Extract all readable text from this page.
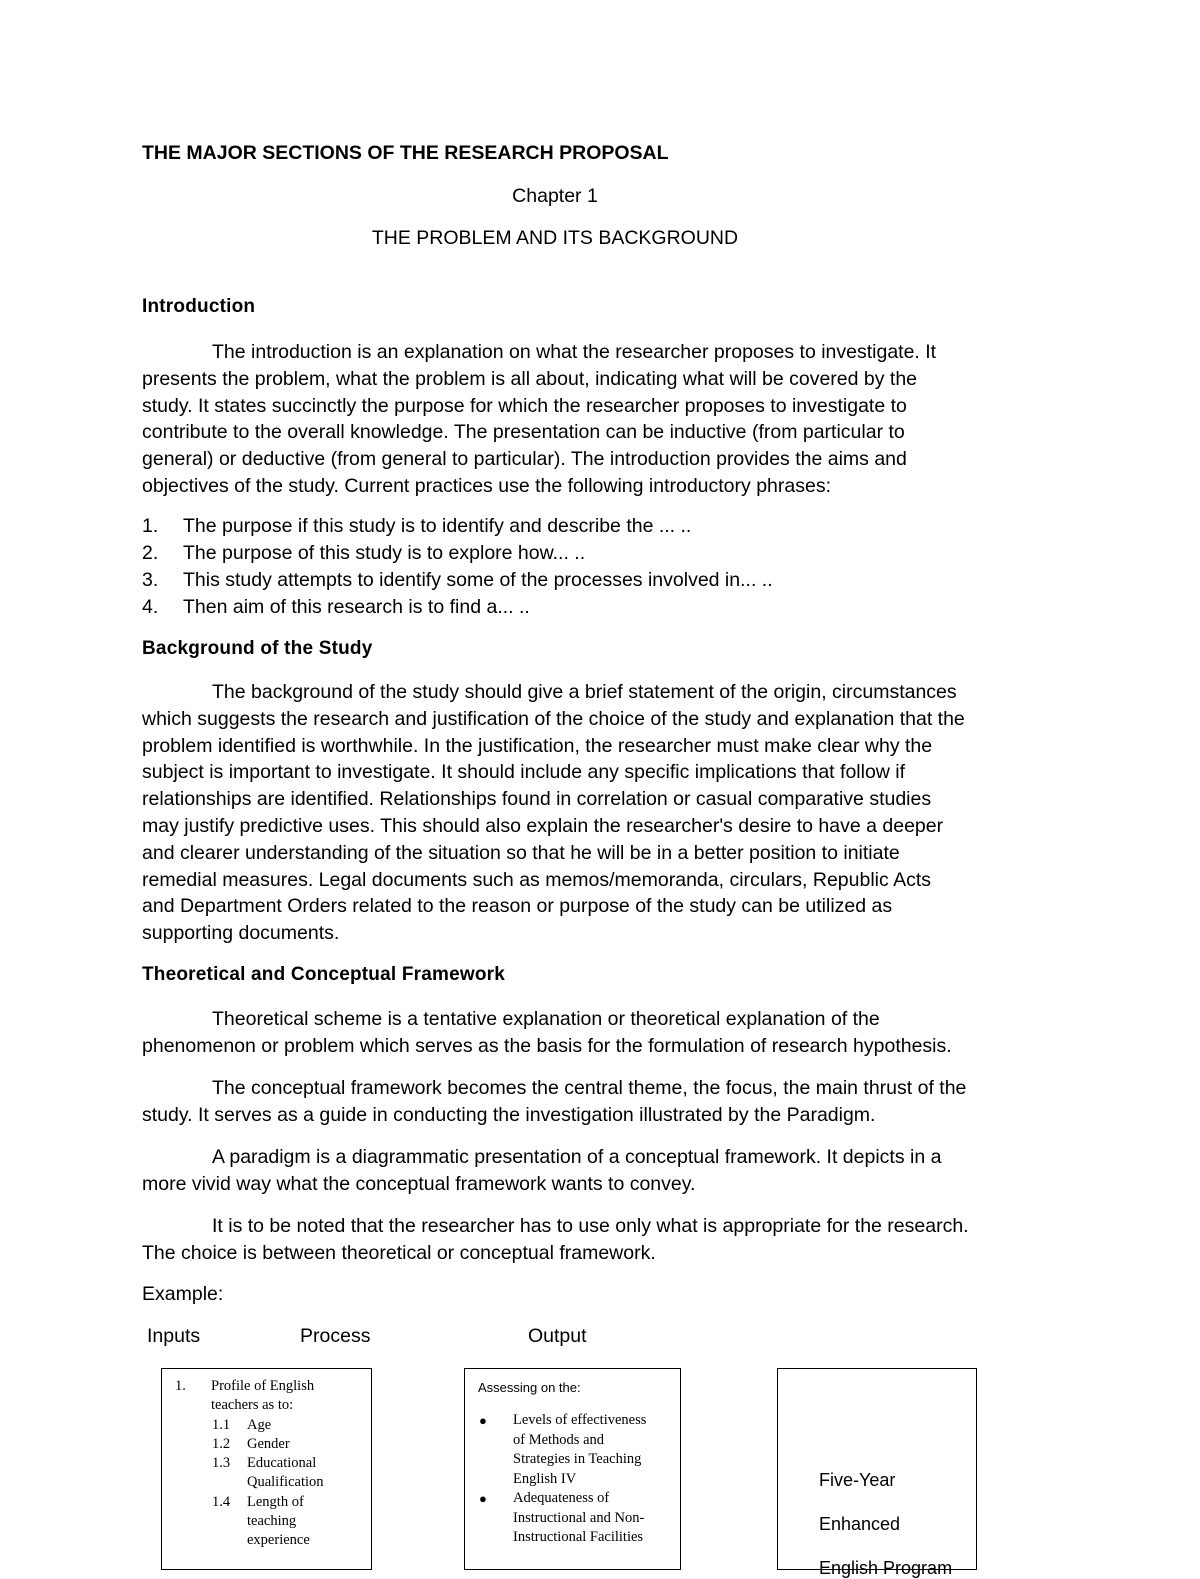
THE MAJOR SECTIONS OF THE RESEARCH PROPOSAL
Chapter 1
THE PROBLEM AND ITS BACKGROUND
Introduction
The introduction is an explanation on what the researcher proposes to investigate. It
presents the problem, what the problem is all about, indicating what will be covered by the
study. It states succinctly the purpose for which the researcher proposes to investigate to
contribute to the overall knowledge. The presentation can be inductive (from particular to
general) or deductive (from general to particular). The introduction provides the aims and
objectives of the study. Current practices use the following introductory phrases:
1. The purpose if this study is to identify and describe the ... ..
2. The purpose of this study is to explore how... ..
3. This study attempts to identify some of the processes involved in... ..
4. Then aim of this research is to find a... ..
Background of the Study
The background of the study should give a brief statement of the origin, circumstances
which suggests the research and justification of the choice of the study and explanation that the
problem identified is worthwhile. In the justification, the researcher must make clear why the
subject is important to investigate. It should include any specific implications that follow if
relationships are identified. Relationships found in correlation or casual comparative studies
may justify predictive uses. This should also explain the researcher's desire to have a deeper
and clearer understanding of the situation so that he will be in a better position to initiate
remedial measures. Legal documents such as memos/memoranda, circulars, Republic Acts
and Department Orders related to the reason or purpose of the study can be utilized as
supporting documents.
Theoretical and Conceptual Framework
Theoretical scheme is a tentative explanation or theoretical explanation of the
phenomenon or problem which serves as the basis for the formulation of research hypothesis.
The conceptual framework becomes the central theme, the focus, the main thrust of the
study. It serves as a guide in conducting the investigation illustrated by the Paradigm.
A paradigm is a diagrammatic presentation of a conceptual framework. It depicts in a
more vivid way what the conceptual framework wants to convey.
It is to be noted that the researcher has to use only what is appropriate for the research.
The choice is between theoretical or conceptual framework.
Example:
Inputs	Process	Output
1. Profile of English
teachers as to:
1.1 Age
1.2 Gender
1.3 Educational
Qualification
1.4 Length of
teaching
experience
Assessing on the:
● Levels of effectiveness
of Methods and
Strategies in Teaching
English IV
● Adequateness of
Instructional and Non-
Instructional Facilities
Five-Year
Enhanced
English Program
